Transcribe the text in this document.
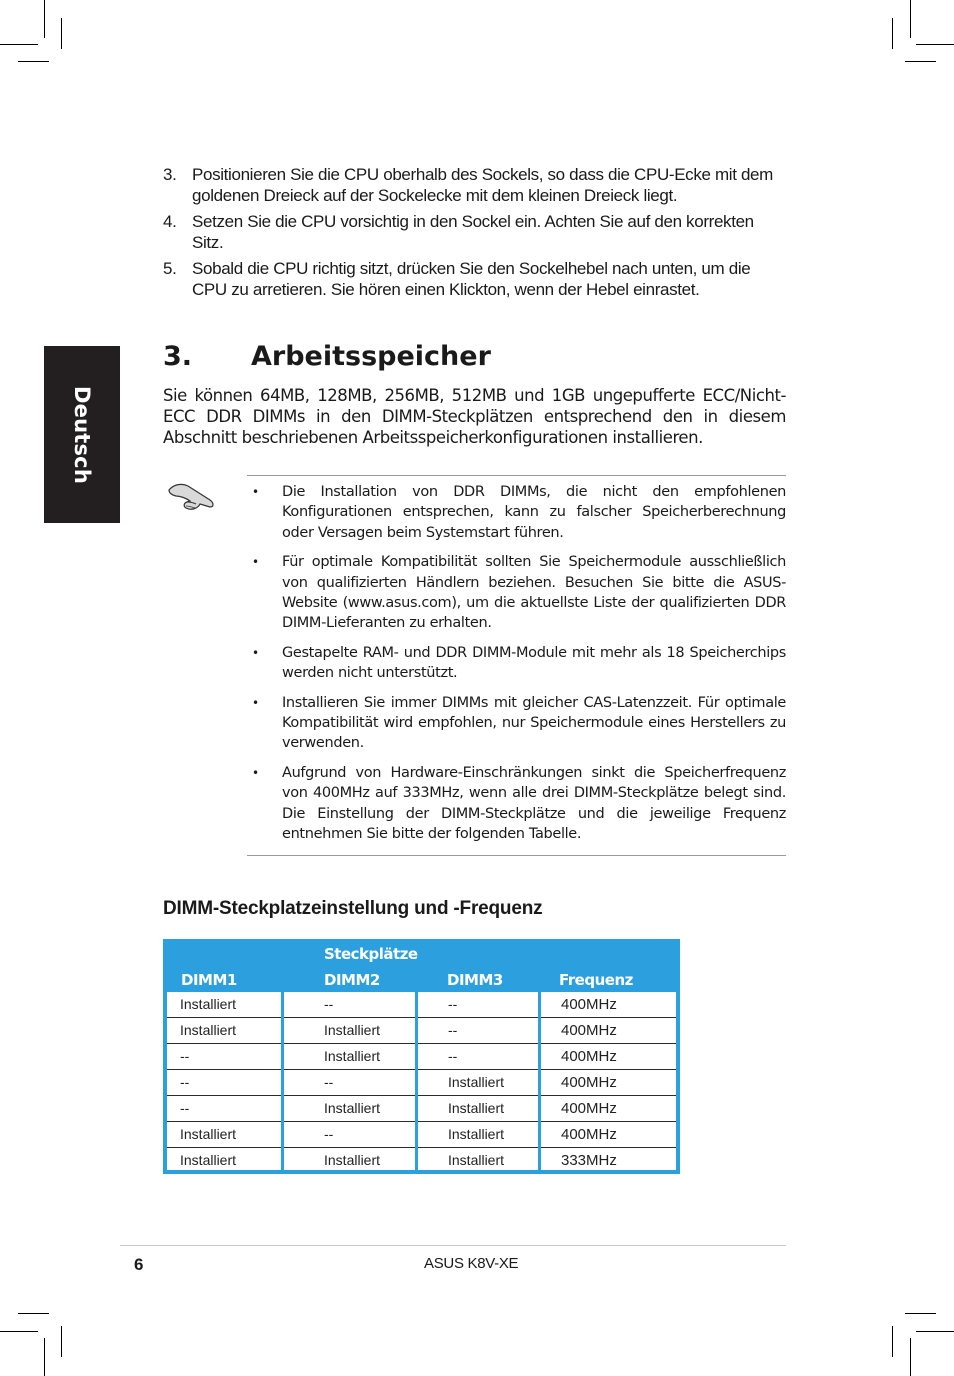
Deutsch
3. Positionieren Sie die CPU oberhalb des Sockels, so dass die CPU-Ecke mit dem goldenen Dreieck auf der Sockelecke mit dem kleinen Dreieck liegt.
4. Setzen Sie die CPU vorsichtig in den Sockel ein. Achten Sie auf den korrekten Sitz.
5. Sobald die CPU richtig sitzt, drücken Sie den Sockelhebel nach unten, um die CPU zu arretieren. Sie hören einen Klickton, wenn der Hebel einrastet.
3. Arbeitsspeicher
Sie können 64MB, 128MB, 256MB, 512MB und 1GB ungepufferte ECC/Nicht-ECC DDR DIMMs in den DIMM-Steckplätzen entsprechend den in diesem Abschnitt beschriebenen Arbeitsspeicherkonfigurationen installieren.
•	Die Installation von DDR DIMMs, die nicht den empfohlenen Konfigurationen entsprechen, kann zu falscher Speicherberechnung oder Versagen beim Systemstart führen.
•	Für optimale Kompatibilität sollten Sie Speichermodule ausschließlich von qualifizierten Händlern beziehen. Besuchen Sie bitte die ASUS-Website (www.asus.com), um die aktuellste Liste der qualifizierten DDR DIMM-Lieferanten zu erhalten.
•	Gestapelte RAM- und DDR DIMM-Module mit mehr als 18 Speicherchips werden nicht unterstützt.
•	Installieren Sie immer DIMMs mit gleicher CAS-Latenzzeit. Für optimale Kompatibilität wird empfohlen, nur Speichermodule eines Herstellers zu verwenden.
•	Aufgrund von Hardware-Einschränkungen sinkt die Speicherfrequenz von 400MHz auf 333MHz, wenn alle drei DIMM-Steckplätze belegt sind. Die Einstellung der DIMM-Steckplätze und die jeweilige Frequenz entnehmen Sie bitte der folgenden Tabelle.
DIMM-Steckplatzeinstellung und -Frequenz
Steckplätze
DIMM1	DIMM2	DIMM3	Frequenz
Installiert	--	--	400MHz
Installiert	Installiert	--	400MHz
--	Installiert	--	400MHz
--	--	Installiert	400MHz
--	Installiert	Installiert	400MHz
Installiert	--	Installiert	400MHz
Installiert	Installiert	Installiert	333MHz
6	ASUS K8V-XE
